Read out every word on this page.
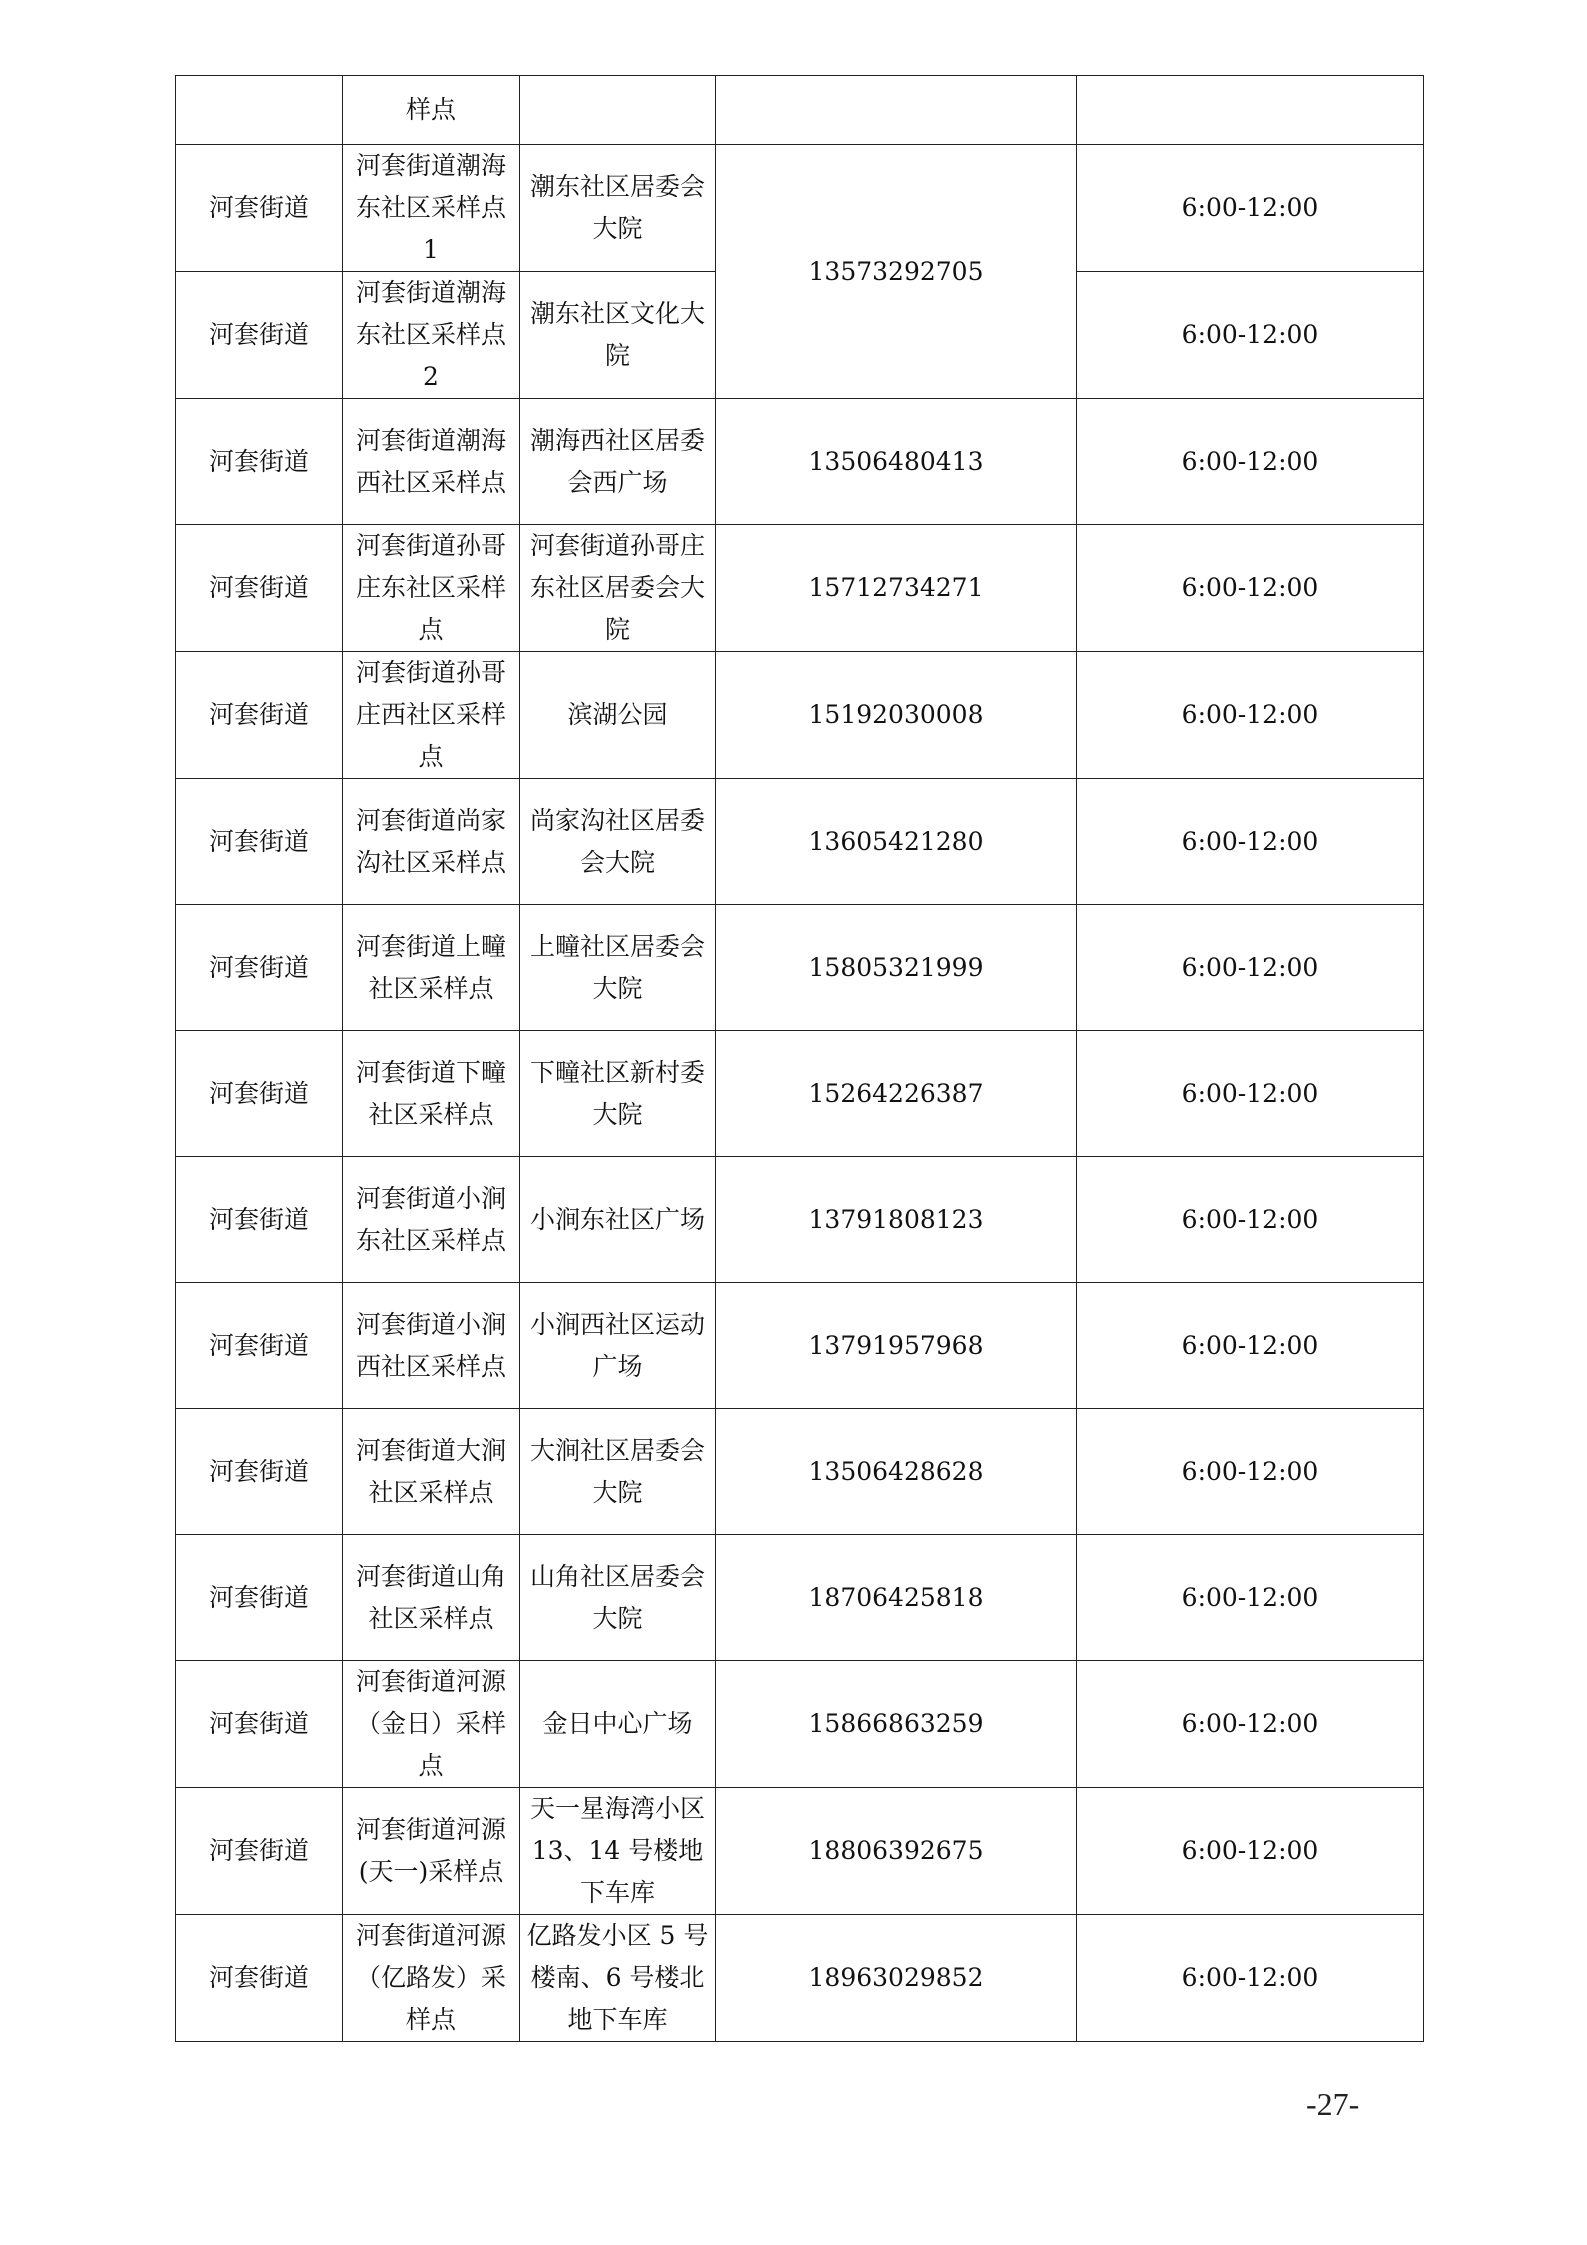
	样点			
河套街道	河套街道潮海东社区采样点 1	潮东社区居委会大院	13573292705	6:00-12:00
河套街道	河套街道潮海东社区采样点 2	潮东社区文化大院		6:00-12:00
河套街道	河套街道潮海西社区采样点	潮海西社区居委会西广场	13506480413	6:00-12:00
河套街道	河套街道孙哥庄东社区采样点	河套街道孙哥庄东社区居委会大院	15712734271	6:00-12:00
河套街道	河套街道孙哥庄西社区采样点	滨湖公园	15192030008	6:00-12:00
河套街道	河套街道尚家沟社区采样点	尚家沟社区居委会大院	13605421280	6:00-12:00
河套街道	河套街道上疃社区采样点	上疃社区居委会大院	15805321999	6:00-12:00
河套街道	河套街道下疃社区采样点	下疃社区新村委大院	15264226387	6:00-12:00
河套街道	河套街道小涧东社区采样点	小涧东社区广场	13791808123	6:00-12:00
河套街道	河套街道小涧西社区采样点	小涧西社区运动广场	13791957968	6:00-12:00
河套街道	河套街道大涧社区采样点	大涧社区居委会大院	13506428628	6:00-12:00
河套街道	河套街道山角社区采样点	山角社区居委会大院	18706425818	6:00-12:00
河套街道	河套街道河源（金日）采样点	金日中心广场	15866863259	6:00-12:00
河套街道	河套街道河源(天一)采样点	天一星海湾小区 13、14 号楼地下车库	18806392675	6:00-12:00
河套街道	河套街道河源（亿路发）采样点	亿路发小区 5 号楼南、6 号楼北地下车库	18963029852	6:00-12:00
-27-
